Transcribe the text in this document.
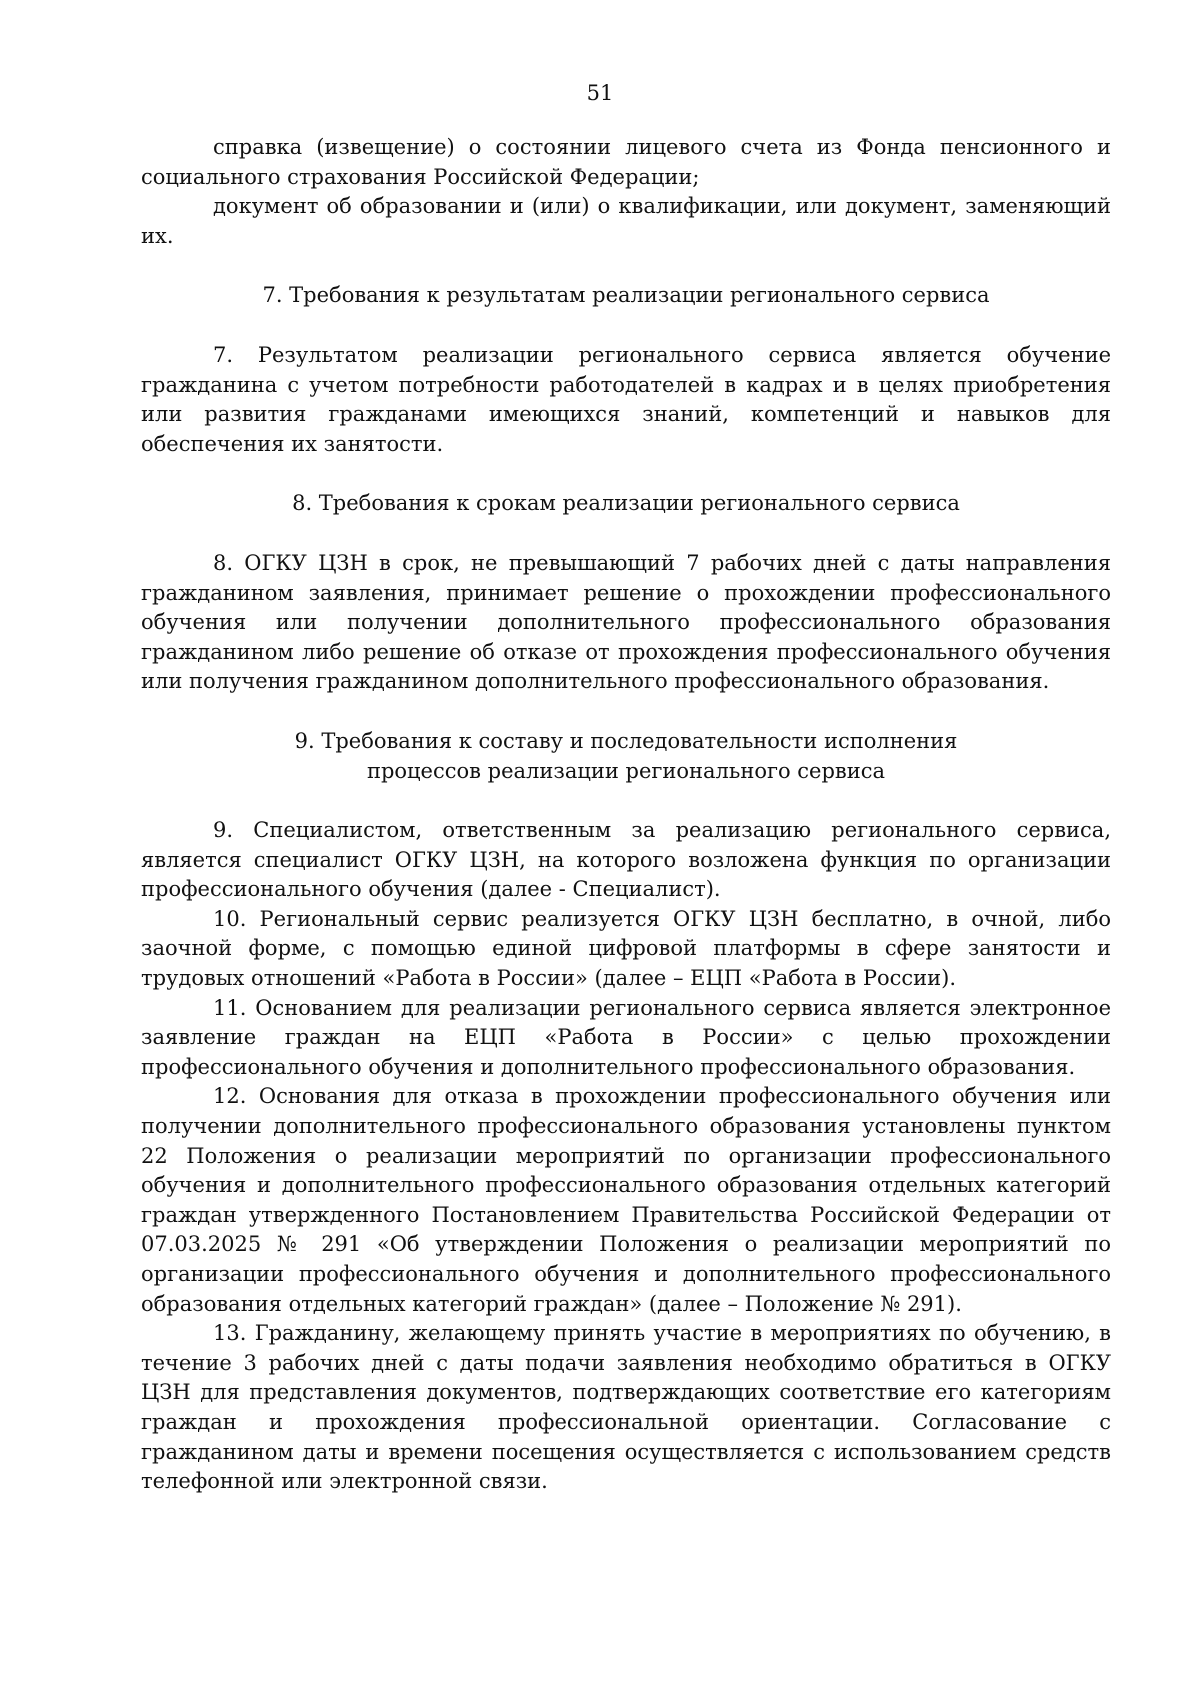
51

справка (извещение) о состоянии лицевого счета из Фонда пенсионного и социального страхования Российской Федерации;

документ об образовании и (или) о квалификации, или документ, заменяющий их.

7. Требования к результатам реализации регионального сервиса

7. Результатом реализации регионального сервиса является обучение гражданина с учетом потребности работодателей в кадрах и в целях приобретения или развития гражданами имеющихся знаний, компетенций и навыков для обеспечения их занятости.

8. Требования к срокам реализации регионального сервиса

8. ОГКУ ЦЗН в срок, не превышающий 7 рабочих дней с даты направления гражданином заявления, принимает решение о прохождении профессионального обучения или получении дополнительного профессионального образования гражданином либо решение об отказе от прохождения профессионального обучения или получения гражданином дополнительного профессионального образования.

9. Требования к составу и последовательности исполнения

процессов реализации регионального сервиса

9. Специалистом, ответственным за реализацию регионального сервиса, является специалист ОГКУ ЦЗН, на которого возложена функция по организации профессионального обучения (далее - Специалист).

10. Региональный сервис реализуется ОГКУ ЦЗН бесплатно, в очной, либо заочной форме, с помощью единой цифровой платформы в сфере занятости и трудовых отношений «Работа в России» (далее – ЕЦП «Работа в России).

11. Основанием для реализации регионального сервиса является электронное заявление граждан на ЕЦП «Работа в России» с целью прохождении профессионального обучения и дополнительного профессионального образования.

12. Основания для отказа в прохождении профессионального обучения или получении дополнительного профессионального образования установлены пунктом 22 Положения о реализации мероприятий по организации профессионального обучения и дополнительного профессионального образования отдельных категорий граждан утвержденного Постановлением Правительства Российской Федерации от 07.03.2025 № 291 «Об утверждении Положения о реализации мероприятий по организации профессионального обучения и дополнительного профессионального образования отдельных категорий граждан» (далее – Положение № 291).

13. Гражданину, желающему принять участие в мероприятиях по обучению, в течение 3 рабочих дней с даты подачи заявления необходимо обратиться в ОГКУ ЦЗН для представления документов, подтверждающих соответствие его категориям граждан и прохождения профессиональной ориентации. Согласование с гражданином даты и времени посещения осуществляется с использованием средств телефонной или электронной связи.
